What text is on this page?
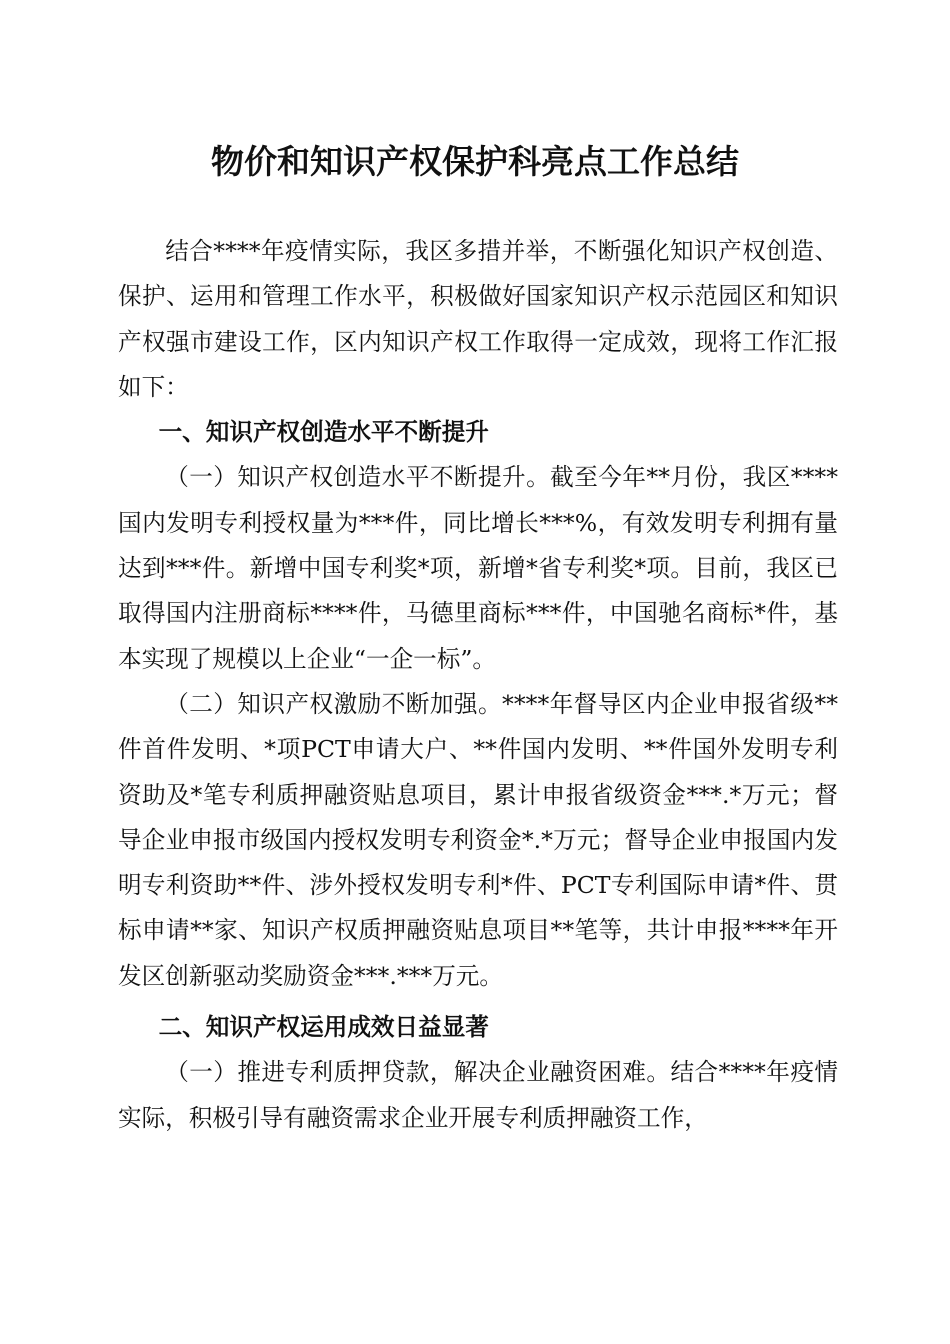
物价和知识产权保护科亮点工作总结

结合****年疫情实际，我区多措并举，不断强化知识产权创造、保护、运用和管理工作水平，积极做好国家知识产权示范园区和知识产权强市建设工作，区内知识产权工作取得一定成效，现将工作汇报如下：

一、知识产权创造水平不断提升

（一）知识产权创造水平不断提升。截至今年**月份，我区****国内发明专利授权量为***件，同比增长***%，有效发明专利拥有量达到***件。新增中国专利奖*项，新增*省专利奖*项。目前，我区已取得国内注册商标****件，马德里商标***件，中国驰名商标*件，基本实现了规模以上企业“一企一标”。

（二）知识产权激励不断加强。****年督导区内企业申报省级**件首件发明、*项PCT申请大户、**件国内发明、**件国外发明专利资助及*笔专利质押融资贴息项目，累计申报省级资金***.*万元；督导企业申报市级国内授权发明专利资金*.*万元；督导企业申报国内发明专利资助**件、涉外授权发明专利*件、PCT专利国际申请*件、贯标申请**家、知识产权质押融资贴息项目**笔等，共计申报****年开发区创新驱动奖励资金***.***万元。

二、知识产权运用成效日益显著

（一）推进专利质押贷款，解决企业融资困难。结合****年疫情实际，积极引导有融资需求企业开展专利质押融资工作，
